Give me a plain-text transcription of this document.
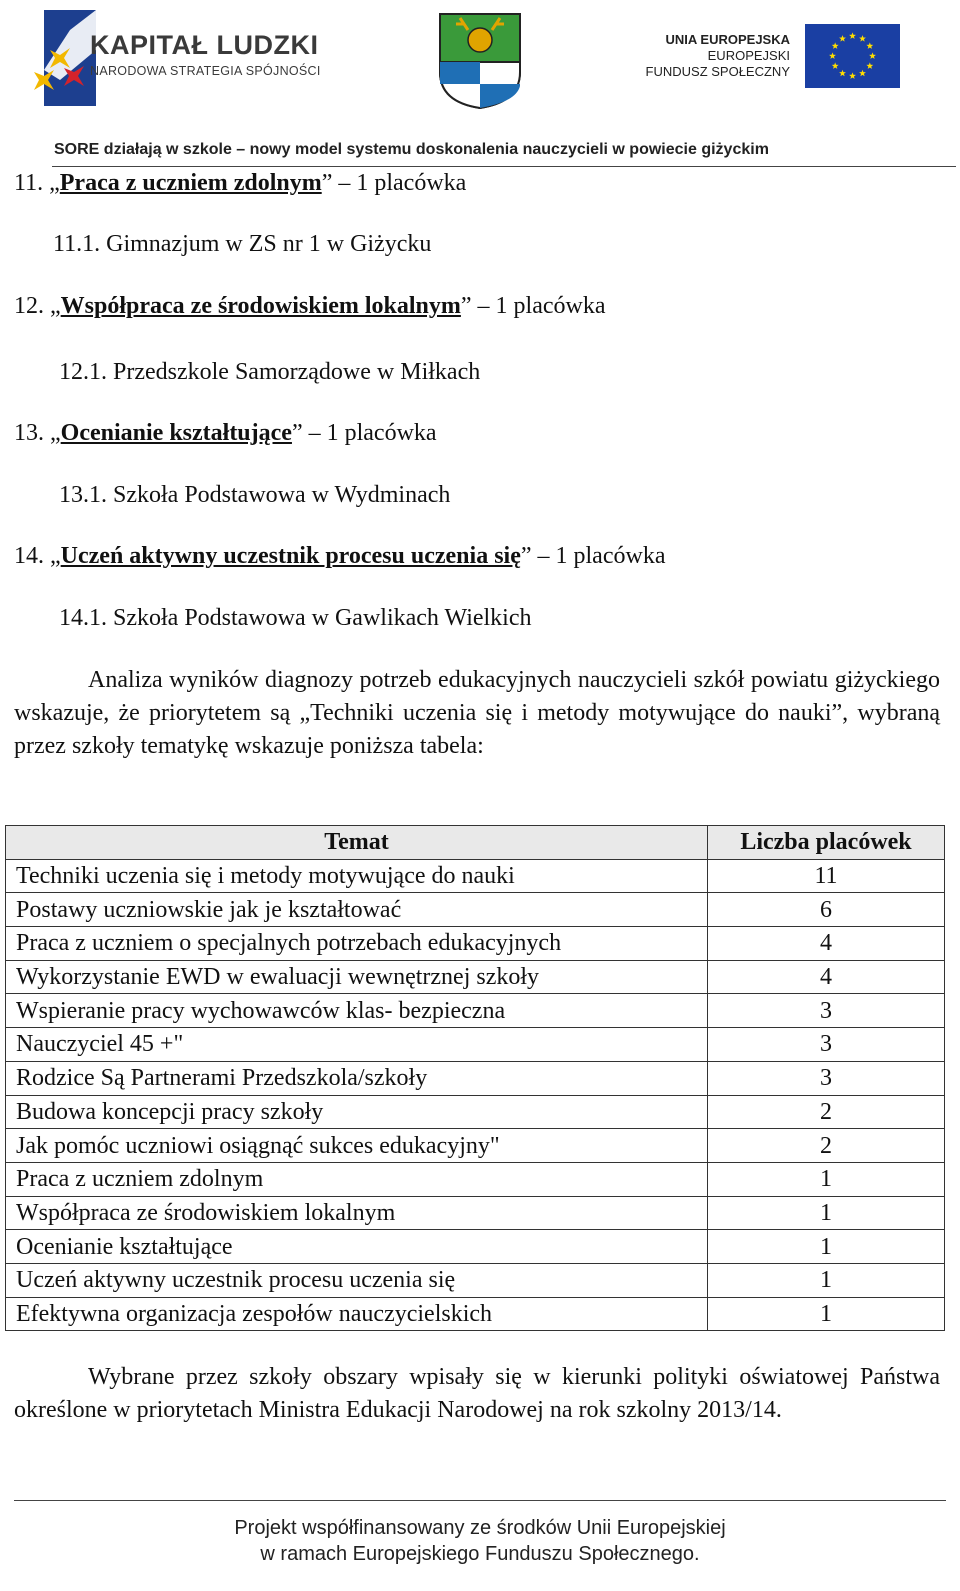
KAPITAŁ LUDZKI
NARODOWA STRATEGIA SPÓJNOŚCI
UNIA EUROPEJSKA
EUROPEJSKI
FUNDUSZ SPOŁECZNY
SORE działają w szkole – nowy model systemu doskonalenia nauczycieli w powiecie giżyckim
11. „Praca z uczniem zdolnym” – 1 placówka
11.1. Gimnazjum w ZS nr 1 w Giżycku
12. „Współpraca ze środowiskiem lokalnym” – 1 placówka
12.1. Przedszkole Samorządowe w Miłkach
13. „Ocenianie kształtujące” – 1 placówka
13.1. Szkoła Podstawowa w Wydminach
14. „Uczeń aktywny uczestnik procesu uczenia się” – 1 placówka
14.1. Szkoła Podstawowa w Gawlikach Wielkich
Analiza wyników diagnozy potrzeb edukacyjnych nauczycieli szkół powiatu giżyckiego wskazuje, że priorytetem są „Techniki uczenia się i metody motywujące do nauki”, wybraną przez szkoły tematykę wskazuje poniższa tabela:
Temat	Liczba placówek
Techniki uczenia się i metody motywujące do nauki	11
Postawy uczniowskie jak je kształtować	6
Praca z uczniem o specjalnych potrzebach edukacyjnych	4
Wykorzystanie EWD w ewaluacji wewnętrznej szkoły	4
Wspieranie pracy wychowawców klas- bezpieczna	3
Nauczyciel 45 +"	3
Rodzice Są Partnerami Przedszkola/szkoły	3
Budowa koncepcji pracy szkoły	2
Jak pomóc uczniowi osiągnąć sukces edukacyjny"	2
Praca z uczniem zdolnym	1
Współpraca ze środowiskiem lokalnym	1
Ocenianie kształtujące	1
Uczeń aktywny uczestnik procesu uczenia się	1
Efektywna organizacja zespołów nauczycielskich	1
Wybrane przez szkoły obszary wpisały się w kierunki polityki oświatowej Państwa określone w priorytetach Ministra Edukacji Narodowej na rok szkolny 2013/14.
Projekt współfinansowany ze środków Unii Europejskiej
w ramach Europejskiego Funduszu Społecznego.
